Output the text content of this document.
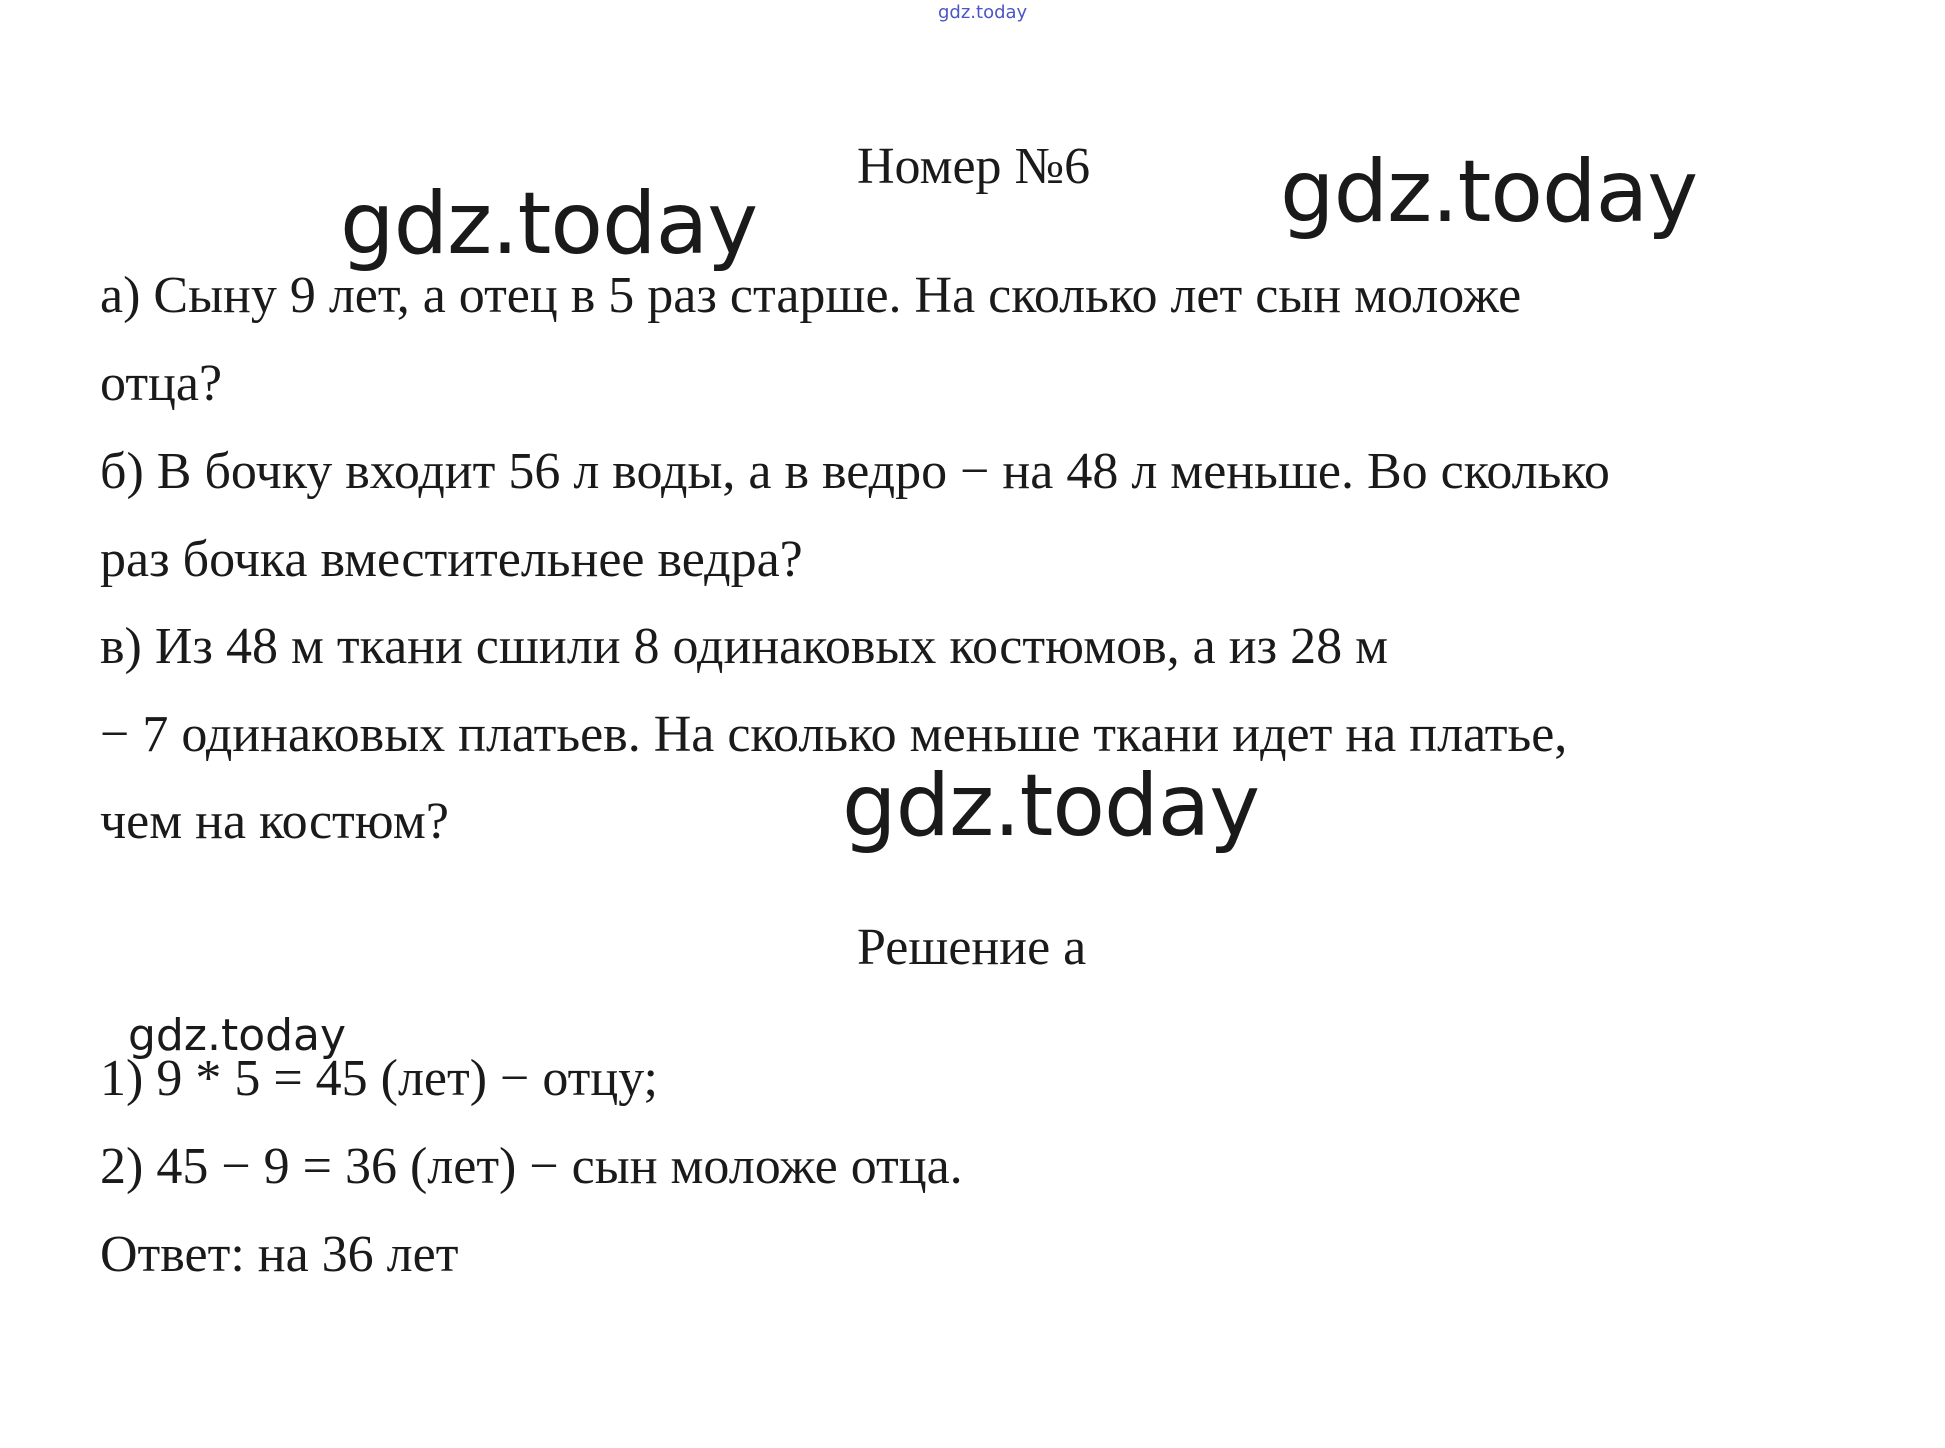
gdz.today
gdz.today	gdz.today
gdz.today
gdz.today
Номер №6
а) Сыну 9 лет, а отец в 5 раз старше. На сколько лет сын моложе
отца?
б) В бочку входит 56 л воды, а в ведро − на 48 л меньше. Во сколько
раз бочка вместительнее ведра?
в) Из 48 м ткани сшили 8 одинаковых костюмов, а из 28 м
− 7 одинаковых платьев. На сколько меньше ткани идет на платье,
чем на костюм?
Решение а
1) 9 * 5 = 45 (лет) − отцу;
2) 45 − 9 = 36 (лет) − сын моложе отца.
Ответ: на 36 лет
